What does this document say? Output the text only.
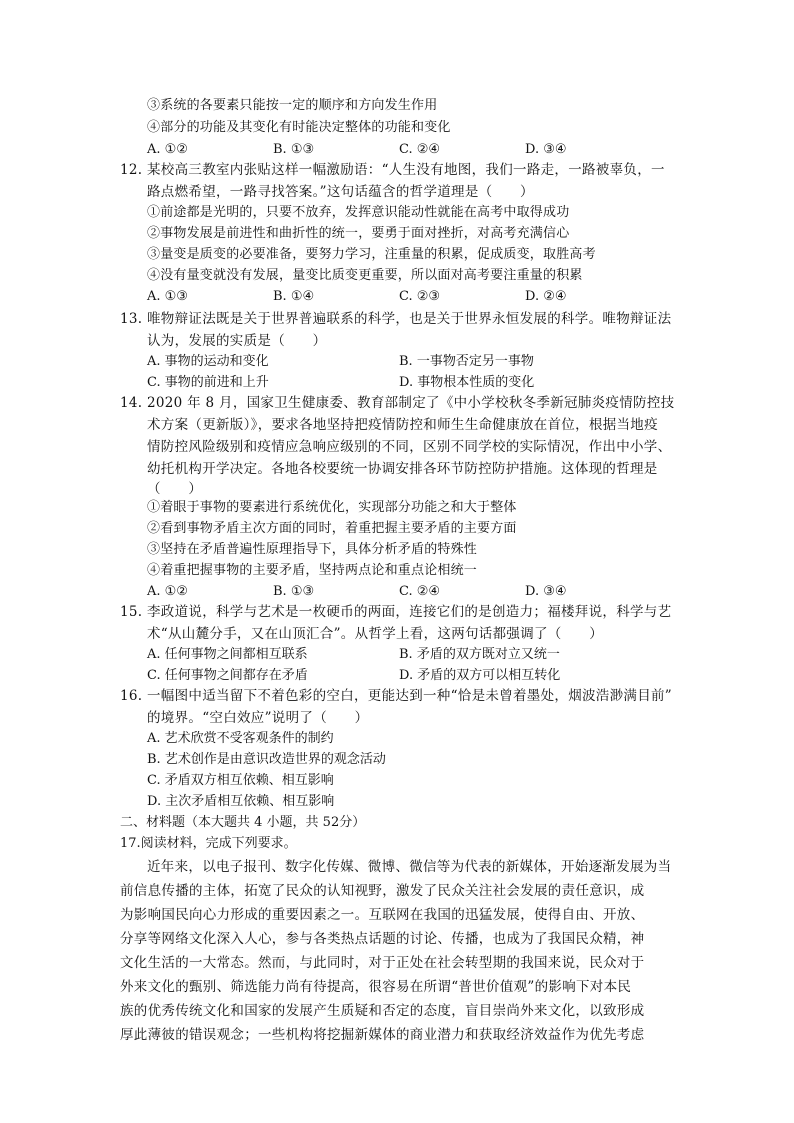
③系统的各要素只能按一定的顺序和方向发生作用
④部分的功能及其变化有时能决定整体的功能和变化
A. ①②	B. ①③	C. ②④	D. ③④
12. 某校高三教室内张贴这样一幅激励语：“人生没有地图，我们一路走，一路被辜负，一
路点燃希望，一路寻找答案。”这句话蕴含的哲学道理是（　　）
①前途都是光明的，只要不放弃，发挥意识能动性就能在高考中取得成功
②事物发展是前进性和曲折性的统一，要勇于面对挫折，对高考充满信心
③量变是质变的必要准备，要努力学习，注重量的积累，促成质变，取胜高考
④没有量变就没有发展，量变比质变更重要，所以面对高考要注重量的积累
A. ①③	B. ①④	C. ②③	D. ②④
13. 唯物辩证法既是关于世界普遍联系的科学，也是关于世界永恒发展的科学。唯物辩证法
认为，发展的实质是（　　）
A. 事物的运动和变化	B. 一事物否定另一事物
C. 事物的前进和上升	D. 事物根本性质的变化
14. 2020 年 8 月，国家卫生健康委、教育部制定了《中小学校秋冬季新冠肺炎疫情防控技
术方案（更新版）》，要求各地坚持把疫情防控和师生生命健康放在首位，根据当地疫
情防控风险级别和疫情应急响应级别的不同，区别不同学校的实际情况，作出中小学、
幼托机构开学决定。各地各校要统一协调安排各环节防控防护措施。这体现的哲理是
（　　）
①着眼于事物的要素进行系统优化，实现部分功能之和大于整体
②看到事物矛盾主次方面的同时，着重把握主要矛盾的主要方面
③坚持在矛盾普遍性原理指导下，具体分析矛盾的特殊性
④着重把握事物的主要矛盾，坚持两点论和重点论相统一
A. ①②	B. ①③	C. ②④	D. ③④
15. 李政道说，科学与艺术是一枚硬币的两面，连接它们的是创造力；福楼拜说，科学与艺
术“从山麓分手，又在山顶汇合”。从哲学上看，这两句话都强调了（　　）
A. 任何事物之间都相互联系	B. 矛盾的双方既对立又统一
C. 任何事物之间都存在矛盾	D. 矛盾的双方可以相互转化
16. 一幅图中适当留下不着色彩的空白，更能达到一种“恰是未曾着墨处，烟波浩渺满目前”
的境界。“空白效应”说明了（　　）
A. 艺术欣赏不受客观条件的制约
B. 艺术创作是由意识改造世界的观念活动
C. 矛盾双方相互依赖、相互影响
D. 主次矛盾相互依赖、相互影响
二、材料题（本大题共 4 小题，共 52分）
17.阅读材料，完成下列要求。
近年来，以电子报刊、数字化传媒、微博、微信等为代表的新媒体，开始逐渐发展为当
前信息传播的主体，拓宽了民众的认知视野，激发了民众关注社会发展的责任意识，成
为影响国民向心力形成的重要因素之一。互联网在我国的迅猛发展，使得自由、开放、
分享等网络文化深入人心，参与各类热点话题的讨论、传播，也成为了我国民众精，神
文化生活的一大常态。然而，与此同时，对于正处在社会转型期的我国来说，民众对于
外来文化的甄别、筛选能力尚有待提高，很容易在所谓“普世价值观”的影响下对本民
族的优秀传统文化和国家的发展产生质疑和否定的态度，盲目崇尚外来文化，以致形成
厚此薄彼的错误观念；一些机构将挖掘新媒体的商业潜力和获取经济效益作为优先考虑
